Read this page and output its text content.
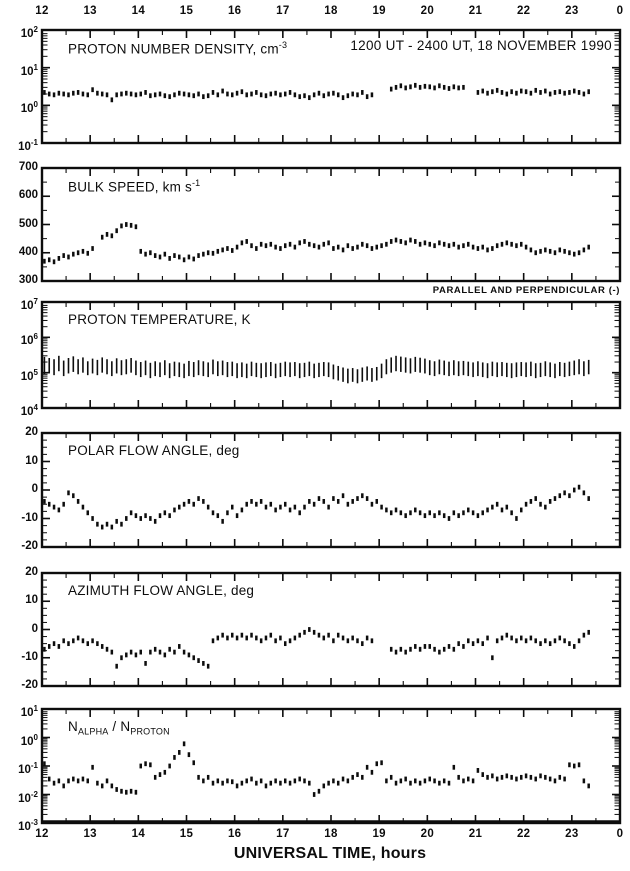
12	13	14	15	16	17	18	19	20	21	22	23	0
1200 UT - 2400 UT, 18 NOVEMBER 1990
PARALLEL AND PERPENDICULAR (-)
12	13	14	15	16	17	18	19	20	21	22	23	0
UNIVERSAL TIME, hours
$10^{-1}$
$10^0$
$10^1$
$10^2$
PROTON NUMBER DENSITY, $cm^{-3}$
300
400
500
600
700
BULK SPEED, km $s^{-1}$
$10^4$
$10^5$
$10^6$
$10^7$
PROTON TEMPERATURE, K
-20
-10
0
10
20
POLAR FLOW ANGLE, deg
-20
-10
0
10
20
AZIMUTH FLOW ANGLE, deg
$10^{-3}$
$10^{-2}$
$10^{-1}$
$10^0$
$10^1$
$N_{ALPHA} / N_{PROTON}$
